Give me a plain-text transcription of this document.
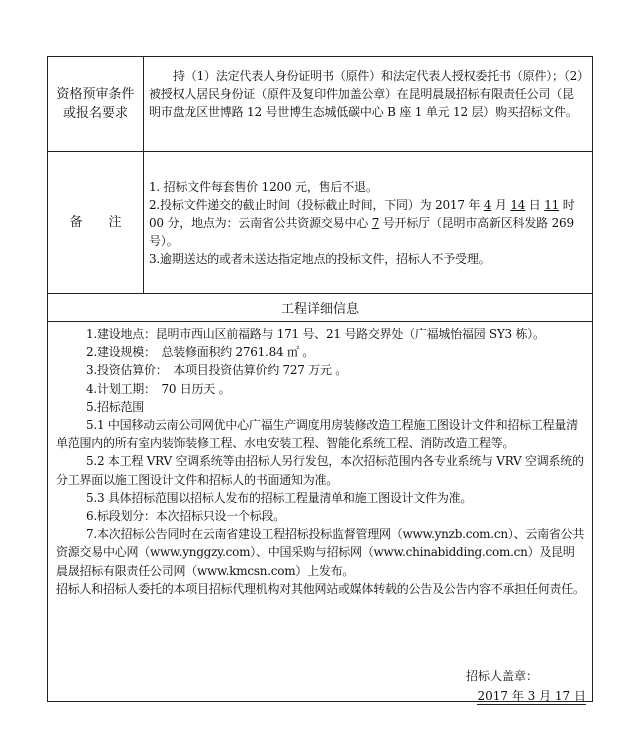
资格预审条件
或报名要求
持（1）法定代表人身份证明书（原件）和法定代表人授权委托书（原件）；（2）被授权人居民身份证（原件及复印件加盖公章）在昆明晨晟招标有限责任公司（昆明市盘龙区世博路 12 号世博生态城低碳中心 B 座 1 单元 12 层）购买招标文件。
备　　注

1. 招标文件每套售价 1200 元，售后不退。

2.投标文件递交的截止时间（投标截止时间，下同）为 2017 年 4 月 14 日 11 时 00 分，地点为：云南省公共资源交易中心 7 号开标厅（昆明市高新区科发路 269 号）。

3.逾期送达的或者未送达指定地点的投标文件，招标人不予受理。

工程详细信息

1.建设地点：昆明市西山区前福路与 171 号、21 号路交界处（广福城怡福园 SY3 栋）。

2.建设规模：　总装修面积约 2761.84 ㎡ 。

3.投资估算价：　本项目投资估算价约 727 万元 。

4.计划工期：　70 日历天 。

5.招标范围

5.1 中国移动云南公司网优中心广福生产调度用房装修改造工程施工图设计文件和招标工程量清单范围内的所有室内装饰装修工程、水电安装工程、智能化系统工程、消防改造工程等。

5.2 本工程 VRV 空调系统等由招标人另行发包，本次招标范围内各专业系统与 VRV 空调系统的分工界面以施工图设计文件和招标人的书面通知为准。

5.3 具体招标范围以招标人发布的招标工程量清单和施工图设计文件为准。

6.标段划分：本次招标只设一个标段。

7.本次招标公告同时在云南省建设工程招标投标监督管理网（www.ynzb.com.cn）、云南省公共资源交易中心网（www.ynggzy.com）、中国采购与招标网（www.chinabidding.com.cn）及昆明晨晟招标有限责任公司网（www.kmcsn.com）上发布。

招标人和招标人委托的本项目招标代理机构对其他网站或媒体转载的公告及公告内容不承担任何责任。

招标人盖章：
2017 年 3 月 17 日
